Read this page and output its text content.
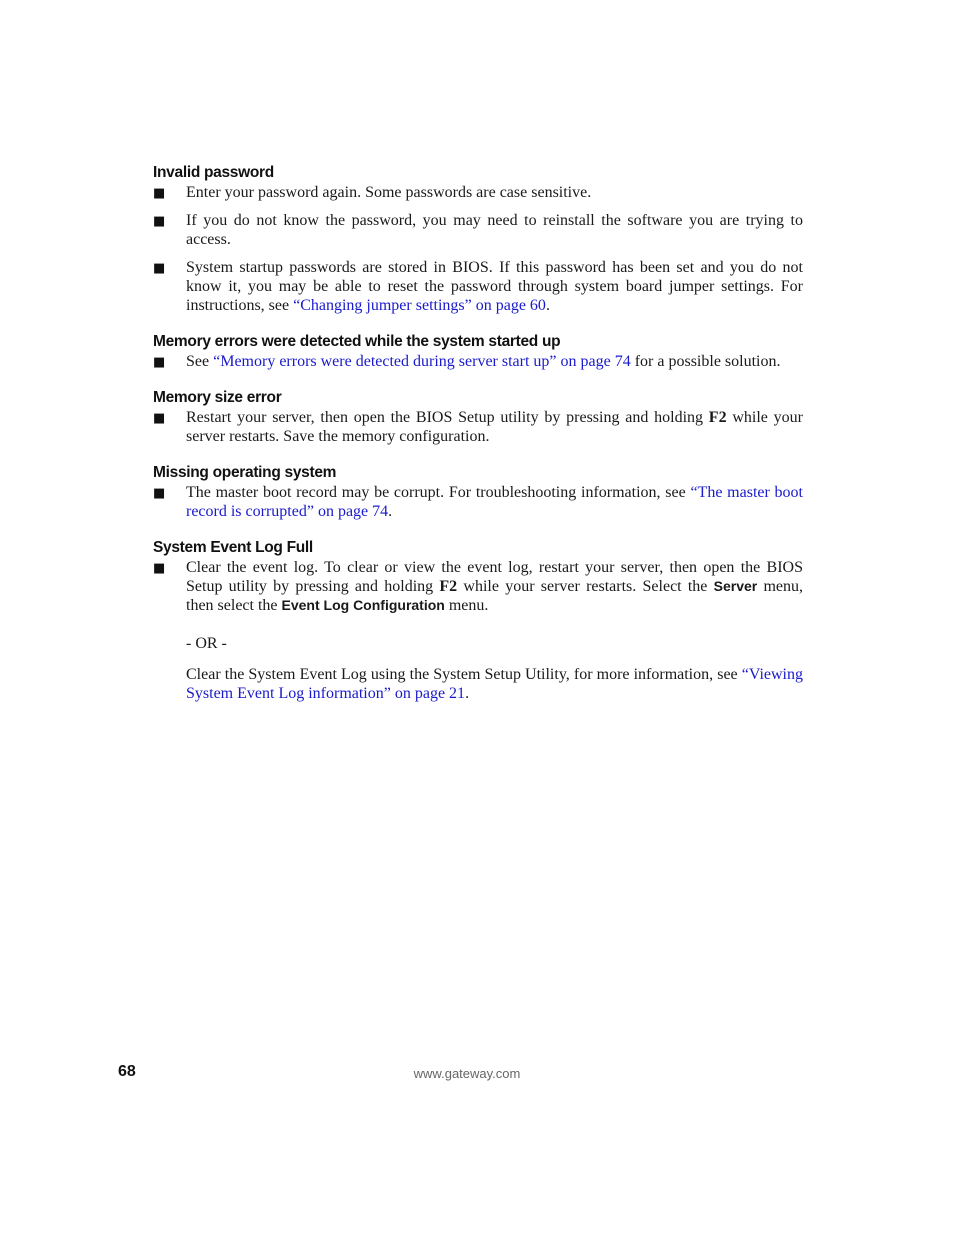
Invalid password
■ Enter your password again. Some passwords are case sensitive.
■ If you do not know the password, you may need to reinstall the software you are trying to access.
■ System startup passwords are stored in BIOS. If this password has been set and you do not know it, you may be able to reset the password through system board jumper settings. For instructions, see “Changing jumper settings” on page 60.
Memory errors were detected while the system started up
■ See “Memory errors were detected during server start up” on page 74 for a possible solution.
Memory size error
■ Restart your server, then open the BIOS Setup utility by pressing and holding F2 while your server restarts. Save the memory configuration.
Missing operating system
■ The master boot record may be corrupt. For troubleshooting information, see “The master boot record is corrupted” on page 74.
System Event Log Full
■ Clear the event log. To clear or view the event log, restart your server, then open the BIOS Setup utility by pressing and holding F2 while your server restarts. Select the Server menu, then select the Event Log Configuration menu.
- OR -
Clear the System Event Log using the System Setup Utility, for more information, see “Viewing System Event Log information” on page 21.
68	www.gateway.com
